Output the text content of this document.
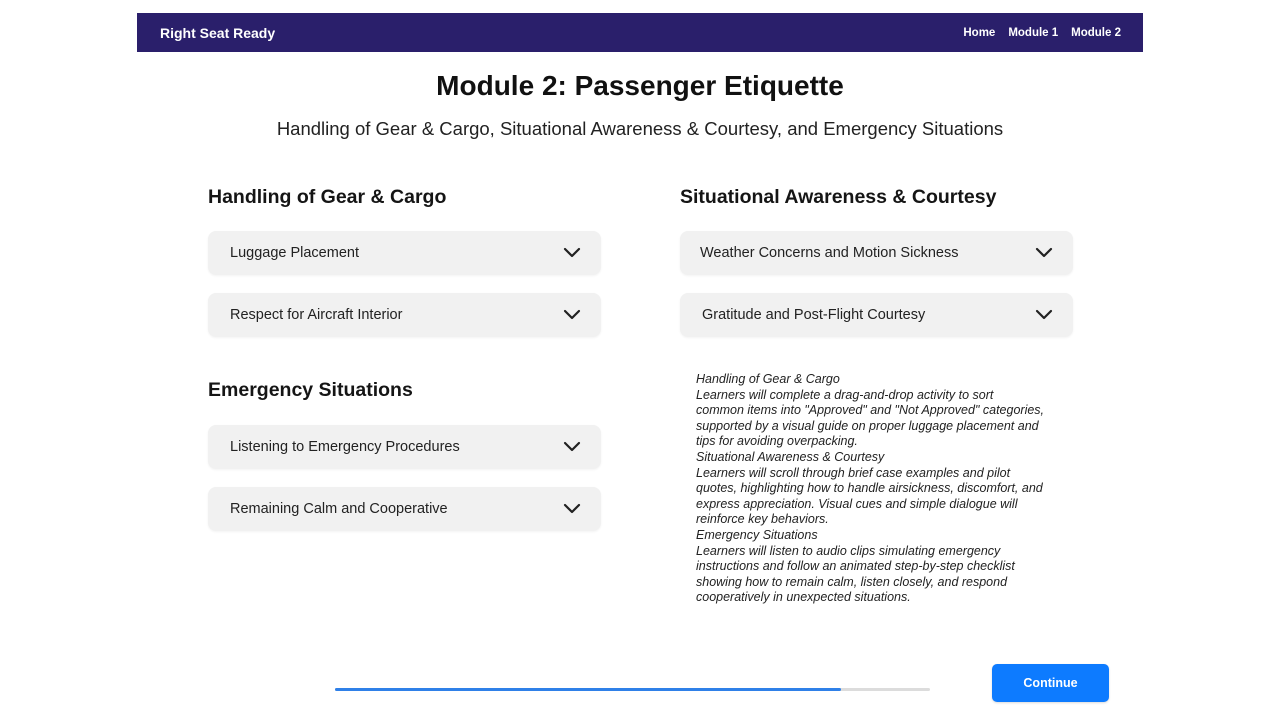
Right Seat Ready	Home Module 1 Module 2
Module 2: Passenger Etiquette
Handling of Gear & Cargo, Situational Awareness & Courtesy, and Emergency Situations
Handling of Gear & Cargo
Luggage Placement
Respect for Aircraft Interior
Situational Awareness & Courtesy
Weather Concerns and Motion Sickness
Gratitude and Post-Flight Courtesy
Emergency Situations
Listening to Emergency Procedures
Remaining Calm and Cooperative
Handling of Gear & Cargo
Learners will complete a drag-and-drop activity to sort
common items into "Approved" and "Not Approved" categories,
supported by a visual guide on proper luggage placement and
tips for avoiding overpacking.
Situational Awareness & Courtesy
Learners will scroll through brief case examples and pilot
quotes, highlighting how to handle airsickness, discomfort, and
express appreciation. Visual cues and simple dialogue will
reinforce key behaviors.
Emergency Situations
Learners will listen to audio clips simulating emergency
instructions and follow an animated step-by-step checklist
showing how to remain calm, listen closely, and respond
cooperatively in unexpected situations.
Continue
